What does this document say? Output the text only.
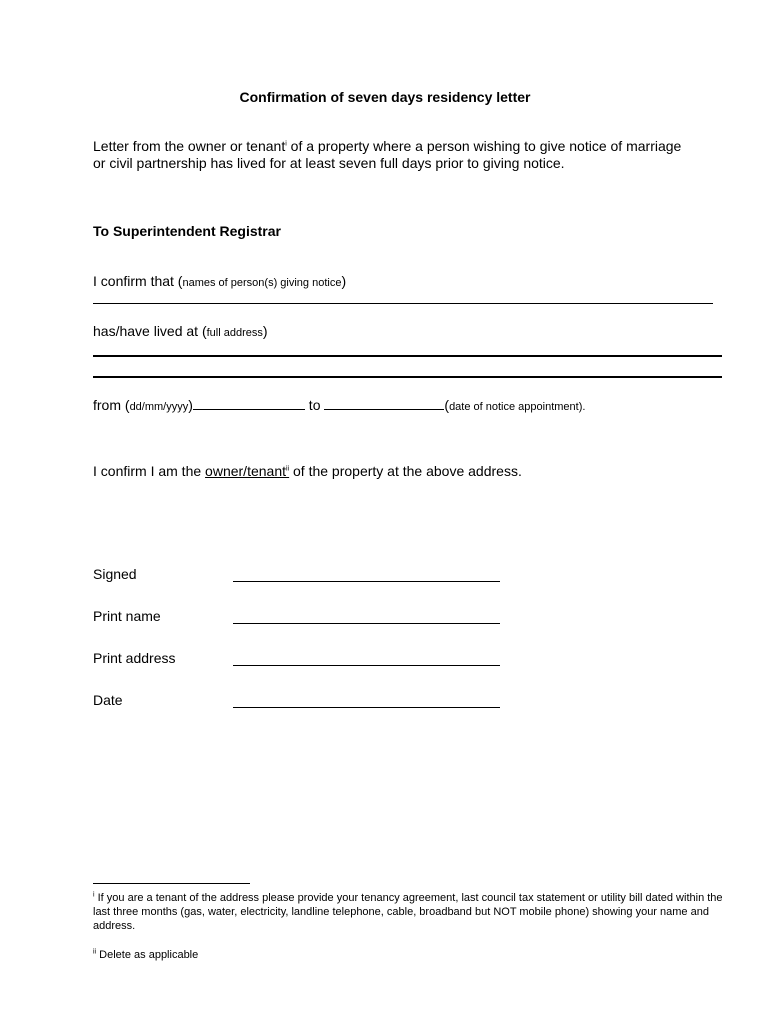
Confirmation of seven days residency letter
Letter from the owner or tenant$^i$ of a property where a person wishing to give notice of marriage or civil partnership has lived for at least seven full days prior to giving notice.
To Superintendent Registrar
I confirm that (names of person(s) giving notice)
has/have lived at (full address)
from (dd/mm/yyyy)	to	(date of notice appointment).
I confirm I am the owner/tenant$^{ii}$ of the property at the above address.
Signed
Print name
Print address
Date
$^i$ If you are a tenant of the address please provide your tenancy agreement, last council tax statement or utility bill dated within the last three months (gas, water, electricity, landline telephone, cable, broadband but NOT mobile phone) showing your name and address.
$^{ii}$ Delete as applicable
